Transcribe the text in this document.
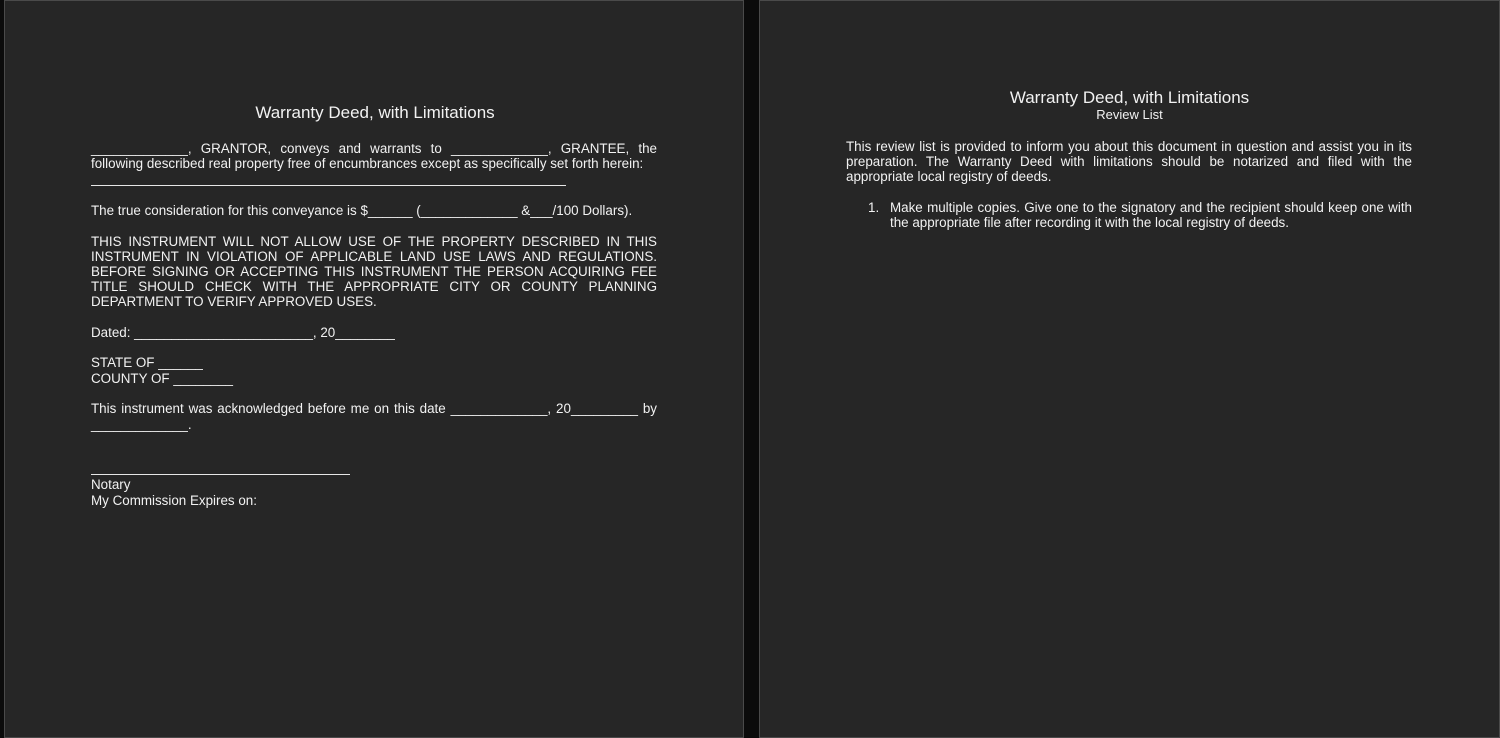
Warranty Deed, with Limitations
_____________, GRANTOR, conveys and warrants to _____________, GRANTEE, the following described real property free of encumbrances except as specifically set forth herein:
The true consideration for this conveyance is $______ (_____________ &___/100 Dollars).
THIS INSTRUMENT WILL NOT ALLOW USE OF THE PROPERTY DESCRIBED IN THIS INSTRUMENT IN VIOLATION OF APPLICABLE LAND USE LAWS AND REGULATIONS. BEFORE SIGNING OR ACCEPTING THIS INSTRUMENT THE PERSON ACQUIRING FEE TITLE SHOULD CHECK WITH THE APPROPRIATE CITY OR COUNTY PLANNING DEPARTMENT TO VERIFY APPROVED USES.
Dated: ________________________, 20________
STATE OF ______
COUNTY OF ________
This instrument was acknowledged before me on this date _____________, 20_________ by
_____________.
Notary
My Commission Expires on:
Warranty Deed, with Limitations
Review List
This review list is provided to inform you about this document in question and assist you in its preparation. The Warranty Deed with limitations should be notarized and filed with the appropriate local registry of deeds.
1. Make multiple copies. Give one to the signatory and the recipient should keep one with the appropriate file after recording it with the local registry of deeds.
